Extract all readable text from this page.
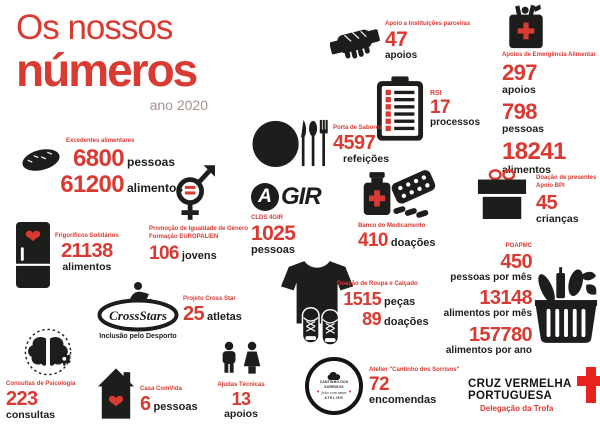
Os nossos
números
ano 2020
Apoio a Instituições parceiras
47
apoios	Apoios de Emergência Alimentar
297
apoios
798
pessoas
18241
alimentos
RSI
17
processos
Porta de Sabores
4597
refeições
Excedentes alimentares
6800 pessoas
61200 alimentos
Promoção de Igualdade de Género
Formação EUROPALIEN
106 jovens
A GIR
CLDS 4GIR
1025
pessoas
Banco do Medicamento
410 doações
Doação de presentes
Apoio BPI
45
crianças
Frigoríficos Solidários
21138
alimentos
POAPMC
450
pessoas por mês
13148
alimentos por mês
157780
alimentos por ano
CrossStars
Inclusão pelo Desporto
Projeto Cross Star
25 atletas
Doação de Roupa e Calçado
1515 peças
89 doações
Consultas de Psicologia
223
consultas
Casa ComVida
6 pessoas
Ajudas Técnicas
13
apoios
CANTINHO DOS SORRISOS
♥ feito com amor ♥
ATELIER
Atelier "Cantinho dos Sorrisos"
72
encomendas
CRUZ VERMELHA
PORTUGUESA
Delegação da Trofa
